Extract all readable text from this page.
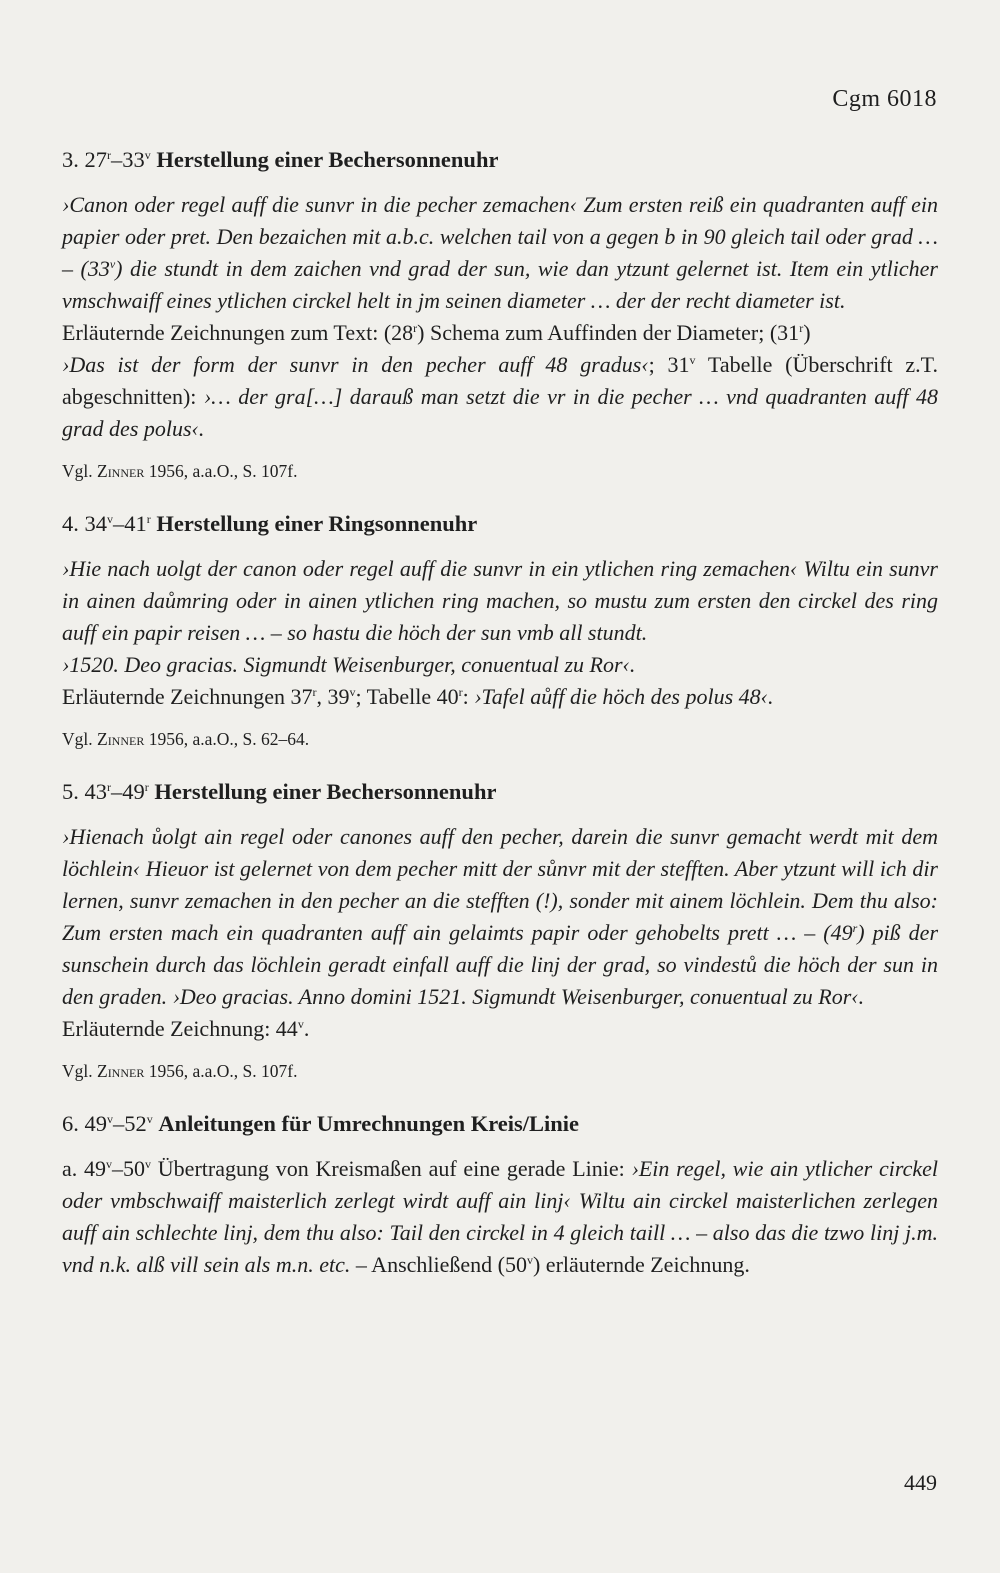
Cgm 6018

3. 27$^r$–33$^v$ Herstellung einer Bechersonnenuhr

›Canon oder regel auff die sunvr in die pecher zemachen‹ Zum ersten reiß ein quadranten auff ein papier oder pret. Den bezaichen mit a.b.c. welchen tail von a gegen b in 90 gleich tail oder grad … – (33$^v$) die stundt in dem zaichen vnd grad der sun, wie dan ytzunt gelernet ist. Item ein ytlicher vmschwaiff eines ytlichen circkel helt in jm seinen diameter … der der recht diameter ist.

Erläuternde Zeichnungen zum Text: (28$^r$) Schema zum Auffinden der Diameter; (31$^r$)
›Das ist der form der sunvr in den pecher auff 48 gradus‹; 31$^v$ Tabelle (Überschrift z.T. abgeschnitten): ›… der gra[…] darauß man setzt die vr in die pecher … vnd quadranten auff 48 grad des polus‹.

Vgl. Zinner 1956, a.a.O., S. 107f.

4. 34$^v$–41$^r$ Herstellung einer Ringsonnenuhr

›Hie nach uolgt der canon oder regel auff die sunvr in ein ytlichen ring zemachen‹ Wiltu ein sunvr in ainen daůmring oder in ainen ytlichen ring machen, so mustu zum ersten den circkel des ring auff ein papir reisen … – so hastu die höch der sun vmb all stundt.

›1520. Deo gracias. Sigmundt Weisenburger, conuentual zu Ror‹.

Erläuternde Zeichnungen 37$^r$, 39$^v$; Tabelle 40$^r$: ›Tafel aůff die höch des polus 48‹.

Vgl. Zinner 1956, a.a.O., S. 62–64.

5. 43$^r$–49$^r$ Herstellung einer Bechersonnenuhr

›Hienach ůolgt ain regel oder canones auff den pecher, darein die sunvr gemacht werdt mit dem löchlein‹ Hieuor ist gelernet von dem pecher mitt der sůnvr mit der stefften. Aber ytzunt will ich dir lernen, sunvr zemachen in den pecher an die stefften (!), sonder mit ainem löchlein. Dem thu also: Zum ersten mach ein quadranten auff ain gelaimts papir oder gehobelts prett … – (49$^r$) piß der sunschein durch das löchlein geradt einfall auff die linj der grad, so vindestů die höch der sun in den graden. ›Deo gracias. Anno domini 1521. Sigmundt Weisenburger, conuentual zu Ror‹.

Erläuternde Zeichnung: 44$^v$.

Vgl. Zinner 1956, a.a.O., S. 107f.

6. 49$^v$–52$^v$ Anleitungen für Umrechnungen Kreis/Linie

a. 49$^v$–50$^v$ Übertragung von Kreismaßen auf eine gerade Linie: ›Ein regel, wie ain ytlicher circkel oder vmbschwaiff maisterlich zerlegt wirdt auff ain linj‹ Wiltu ain circkel maisterlichen zerlegen auff ain schlechte linj, dem thu also: Tail den circkel in 4 gleich taill … – also das die tzwo linj j.m. vnd n.k. alß vill sein als m.n. etc. – Anschließend (50$^v$) erläuternde Zeichnung.

449
